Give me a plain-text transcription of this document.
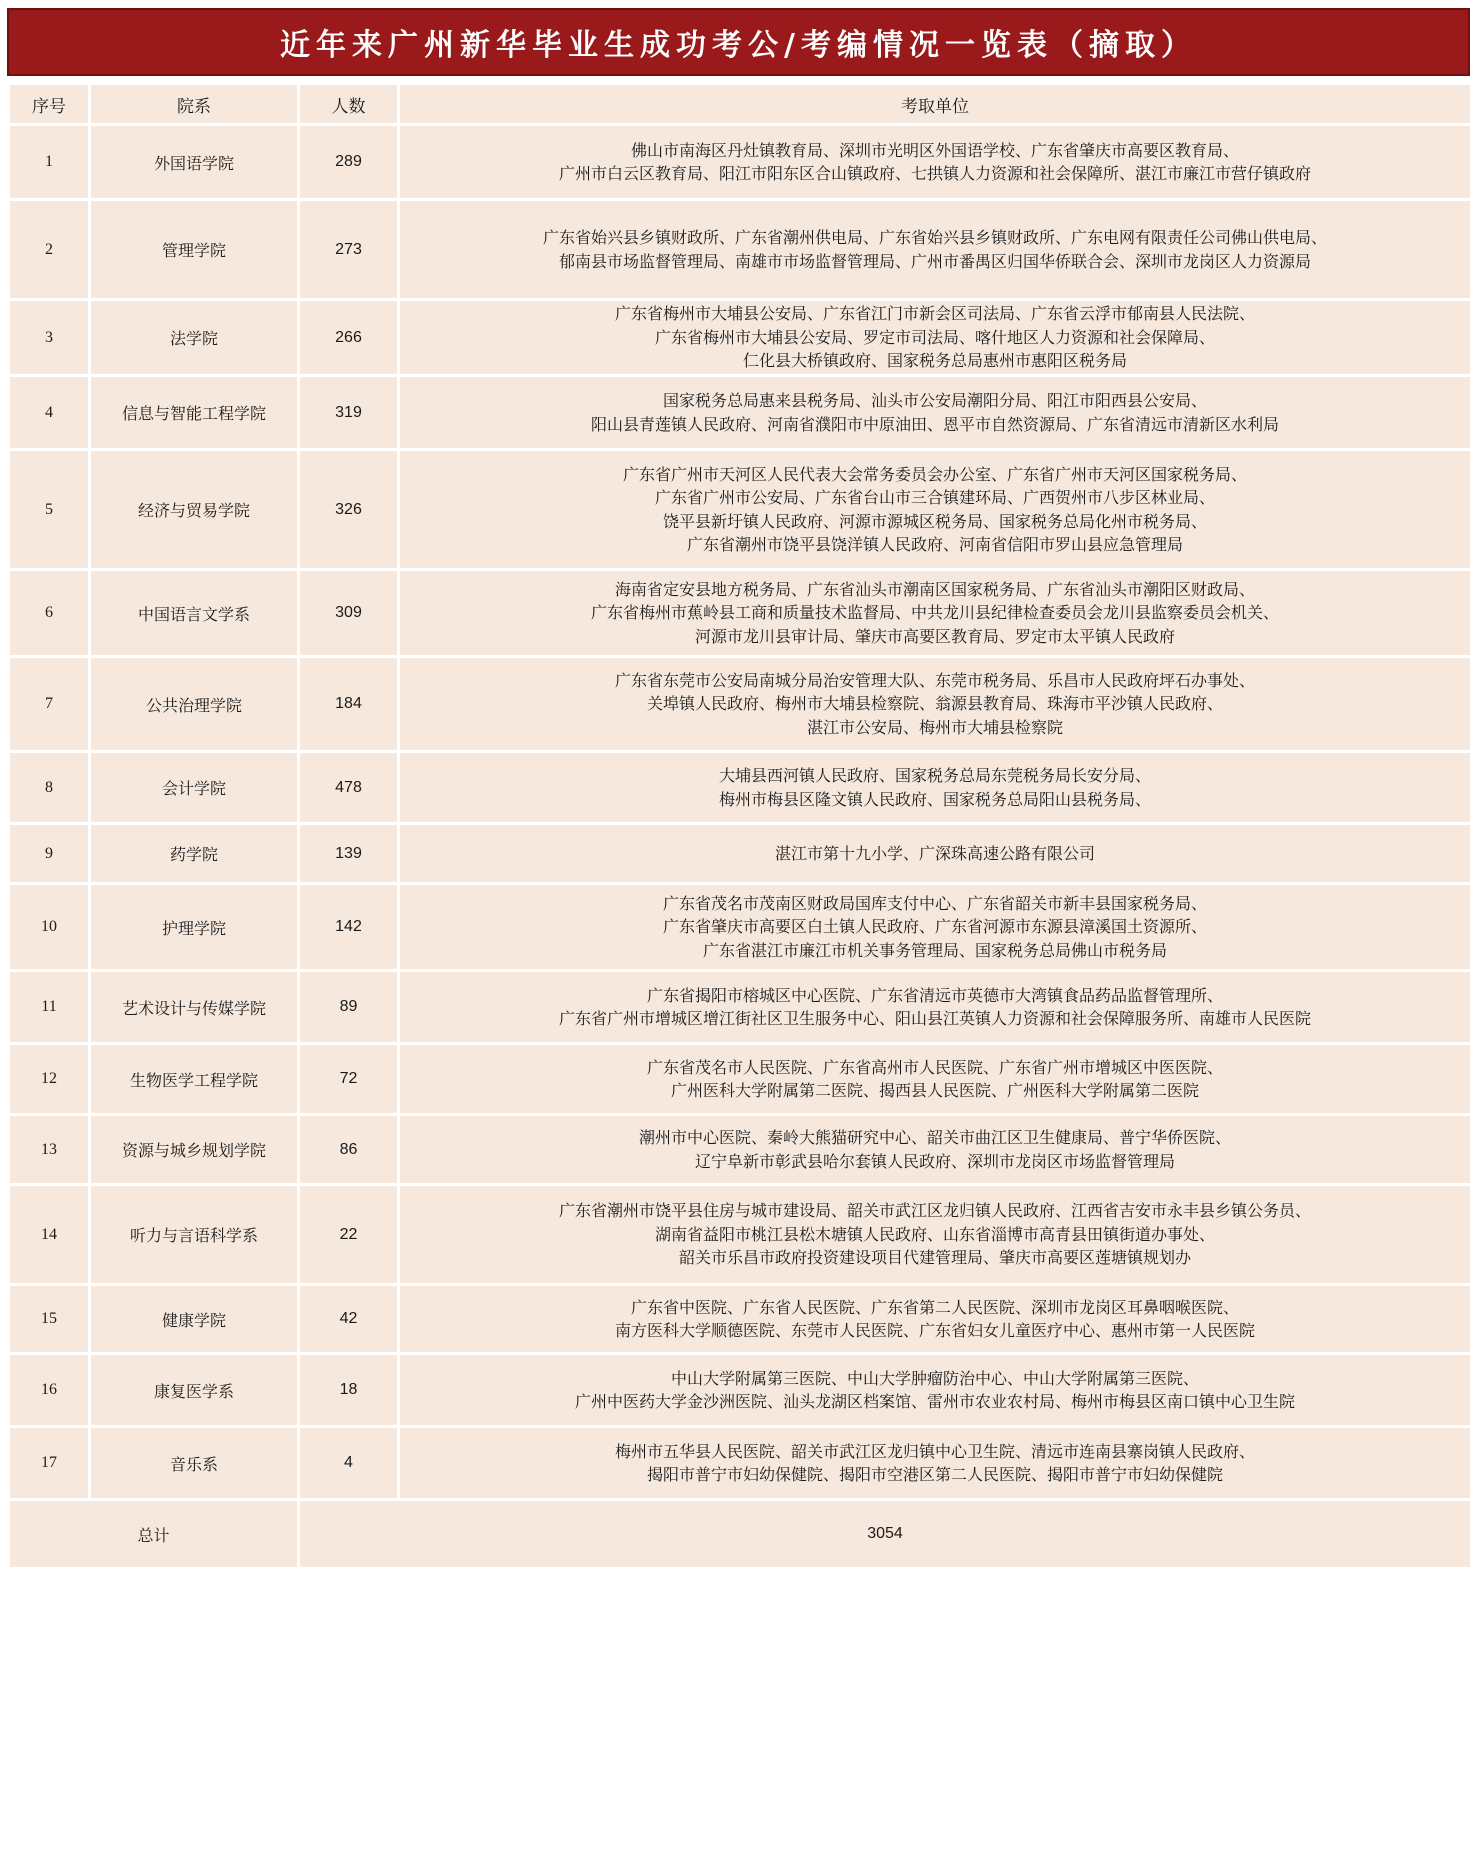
近年来广州新华毕业生成功考公/考编情况一览表（摘取）
序号	院系	人数	考取单位
1	外国语学院	289	佛山市南海区丹灶镇教育局、深圳市光明区外国语学校、广东省肇庆市高要区教育局、
广州市白云区教育局、阳江市阳东区合山镇政府、七拱镇人力资源和社会保障所、湛江市廉江市营仔镇政府

2	管理学院	273	广东省始兴县乡镇财政所、广东省潮州供电局、广东省始兴县乡镇财政所、广东电网有限责任公司佛山供电局、
郁南县市场监督管理局、南雄市市场监督管理局、广州市番禺区归国华侨联合会、深圳市龙岗区人力资源局

3	法学院	266	广东省梅州市大埔县公安局、广东省江门市新会区司法局、广东省云浮市郁南县人民法院、
广东省梅州市大埔县公安局、罗定市司法局、喀什地区人力资源和社会保障局、
仁化县大桥镇政府、国家税务总局惠州市惠阳区税务局

4	信息与智能工程学院	319	国家税务总局惠来县税务局、汕头市公安局潮阳分局、阳江市阳西县公安局、
阳山县青莲镇人民政府、河南省濮阳市中原油田、恩平市自然资源局、广东省清远市清新区水利局

5	经济与贸易学院	326	广东省广州市天河区人民代表大会常务委员会办公室、广东省广州市天河区国家税务局、
广东省广州市公安局、广东省台山市三合镇建环局、广西贺州市八步区林业局、
饶平县新圩镇人民政府、河源市源城区税务局、国家税务总局化州市税务局、
广东省潮州市饶平县饶洋镇人民政府、河南省信阳市罗山县应急管理局

6	中国语言文学系	309	海南省定安县地方税务局、广东省汕头市潮南区国家税务局、广东省汕头市潮阳区财政局、
广东省梅州市蕉岭县工商和质量技术监督局、中共龙川县纪律检查委员会龙川县监察委员会机关、
河源市龙川县审计局、肇庆市高要区教育局、罗定市太平镇人民政府

7	公共治理学院	184	广东省东莞市公安局南城分局治安管理大队、东莞市税务局、乐昌市人民政府坪石办事处、
关埠镇人民政府、梅州市大埔县检察院、翁源县教育局、珠海市平沙镇人民政府、
湛江市公安局、梅州市大埔县检察院

8	会计学院	478	大埔县西河镇人民政府、国家税务总局东莞税务局长安分局、
梅州市梅县区隆文镇人民政府、国家税务总局阳山县税务局、

9	药学院	139	湛江市第十九小学、广深珠高速公路有限公司

10	护理学院	142	广东省茂名市茂南区财政局国库支付中心、广东省韶关市新丰县国家税务局、
广东省肇庆市高要区白土镇人民政府、广东省河源市东源县漳溪国土资源所、
广东省湛江市廉江市机关事务管理局、国家税务总局佛山市税务局

11	艺术设计与传媒学院	89	广东省揭阳市榕城区中心医院、广东省清远市英德市大湾镇食品药品监督管理所、
广东省广州市增城区增江街社区卫生服务中心、阳山县江英镇人力资源和社会保障服务所、南雄市人民医院

12	生物医学工程学院	72	广东省茂名市人民医院、广东省高州市人民医院、广东省广州市增城区中医医院、
广州医科大学附属第二医院、揭西县人民医院、广州医科大学附属第二医院

13	资源与城乡规划学院	86	潮州市中心医院、秦岭大熊猫研究中心、韶关市曲江区卫生健康局、普宁华侨医院、
辽宁阜新市彰武县哈尔套镇人民政府、深圳市龙岗区市场监督管理局

14	听力与言语科学系	22	广东省潮州市饶平县住房与城市建设局、韶关市武江区龙归镇人民政府、江西省吉安市永丰县乡镇公务员、
湖南省益阳市桃江县松木塘镇人民政府、山东省淄博市高青县田镇街道办事处、
韶关市乐昌市政府投资建设项目代建管理局、肇庆市高要区莲塘镇规划办

15	健康学院	42	广东省中医院、广东省人民医院、广东省第二人民医院、深圳市龙岗区耳鼻咽喉医院、
南方医科大学顺德医院、东莞市人民医院、广东省妇女儿童医疗中心、惠州市第一人民医院

16	康复医学系	18	中山大学附属第三医院、中山大学肿瘤防治中心、中山大学附属第三医院、
广州中医药大学金沙洲医院、汕头龙湖区档案馆、雷州市农业农村局、梅州市梅县区南口镇中心卫生院

17	音乐系	4	梅州市五华县人民医院、韶关市武江区龙归镇中心卫生院、清远市连南县寨岗镇人民政府、
揭阳市普宁市妇幼保健院、揭阳市空港区第二人民医院、揭阳市普宁市妇幼保健院

总计		3054	
